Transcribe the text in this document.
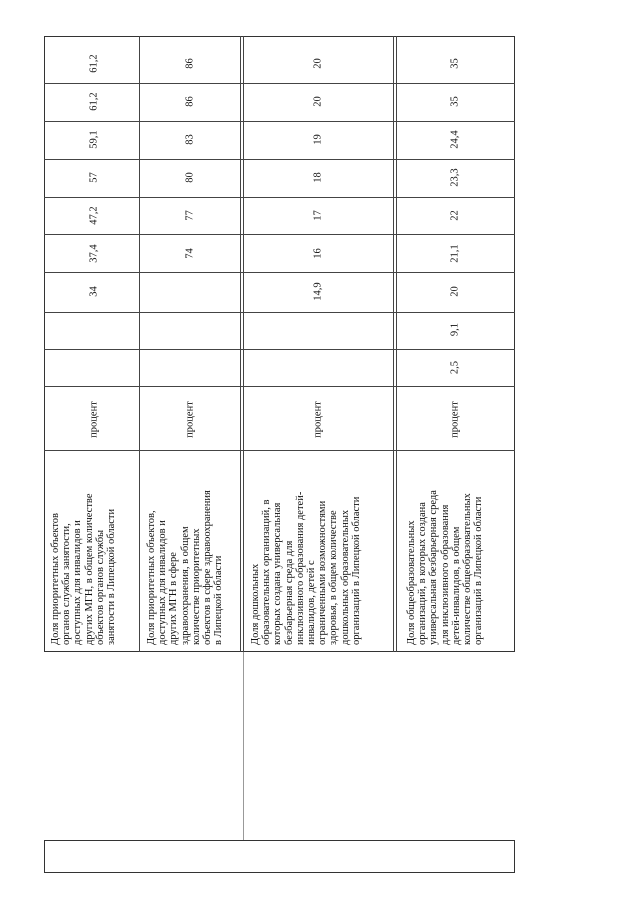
Доля приоритетных объектов
органов службы занятости,
доступных для инвалидов и
других МГН, в общем количестве
объектов органов службы
занятости в Липецкой области
процент
34
37,4
47,2
57
59,1
61,2
61,2
Доля приоритетных объектов,
доступных для инвалидов и
других МГН в сфере
здравоохранения, в общем
количестве приоритетных
объектов в сфере здравоохранения
в Липецкой области
процент
74
77
80
83
86
86
Доля дошкольных
образовательных организаций, в
которых создана универсальная
безбарьерная среда для
инклюзивного образования детей-
инвалидов, детей с
ограниченными возможностями
здоровья, в общем количестве
дошкольных образовательных
организаций в Липецкой области
процент
14,9
16
17
18
19
20
20
Доля общеобразовательных
организаций, в которых создана
универсальная безбарьерная среда
для инклюзивного образования
детей-инвалидов, в общем
количестве общеобразовательных
организаций в Липецкой области
процент
2,5
9,1
20
21,1
22
23,3
24,4
35
35
